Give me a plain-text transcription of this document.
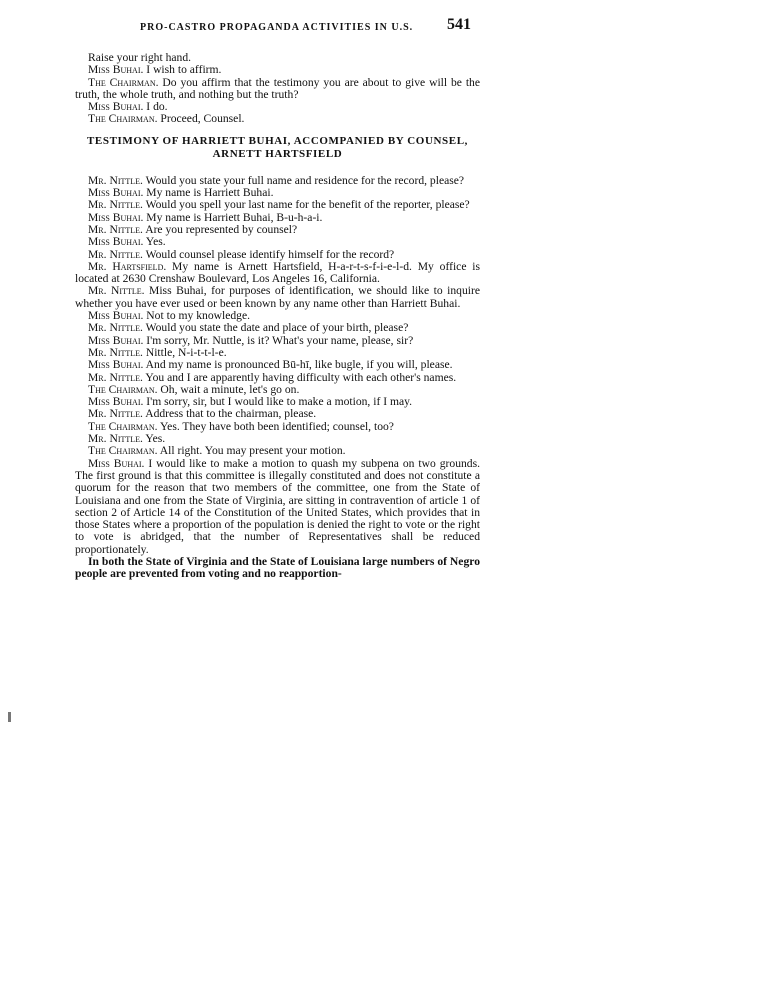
PRO-CASTRO PROPAGANDA ACTIVITIES IN U.S.	541

Raise your right hand.

Miss Buhai. I wish to affirm.

The Chairman. Do you affirm that the testimony you are about to give will be the truth, the whole truth, and nothing but the truth?

Miss Buhai. I do.

The Chairman. Proceed, Counsel.

TESTIMONY OF HARRIETT BUHAI, ACCOMPANIED BY COUNSEL,
ARNETT HARTSFIELD

Mr. Nittle. Would you state your full name and residence for the record, please?

Miss Buhai. My name is Harriett Buhai.

Mr. Nittle. Would you spell your last name for the benefit of the reporter, please?

Miss Buhai. My name is Harriett Buhai, B-u-h-a-i.

Mr. Nittle. Are you represented by counsel?

Miss Buhai. Yes.

Mr. Nittle. Would counsel please identify himself for the record?

Mr. Hartsfield. My name is Arnett Hartsfield, H-a-r-t-s-f-i-e-l-d. My office is located at 2630 Crenshaw Boulevard, Los Angeles 16, California.

Mr. Nittle. Miss Buhai, for purposes of identification, we should like to inquire whether you have ever used or been known by any name other than Harriett Buhai.

Miss Buhai. Not to my knowledge.

Mr. Nittle. Would you state the date and place of your birth, please?

Miss Buhai. I'm sorry, Mr. Nuttle, is it? What's your name, please, sir?

Mr. Nittle. Nittle, N-i-t-t-l-e.

Miss Buhai. And my name is pronounced Bū-hī, like bugle, if you will, please.

Mr. Nittle. You and I are apparently having difficulty with each other's names.

The Chairman. Oh, wait a minute, let's go on.

Miss Buhai. I'm sorry, sir, but I would like to make a motion, if I may.

Mr. Nittle. Address that to the chairman, please.

The Chairman. Yes. They have both been identified; counsel, too?

Mr. Nittle. Yes.

The Chairman. All right. You may present your motion.

Miss Buhai. I would like to make a motion to quash my subpena on two grounds. The first ground is that this committee is illegally constituted and does not constitute a quorum for the reason that two members of the committee, one from the State of Louisiana and one from the State of Virginia, are sitting in contravention of article 1 of section 2 of Article 14 of the Constitution of the United States, which provides that in those States where a proportion of the population is denied the right to vote or the right to vote is abridged, that the number of Representatives shall be reduced proportionately.

In both the State of Virginia and the State of Louisiana large numbers of Negro people are prevented from voting and no reapportion-
